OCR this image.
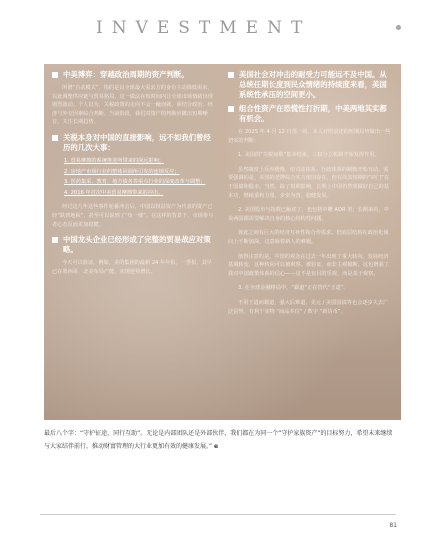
INVESTMENT
中美博弈：穿越政治周期的资产判断。

所谓“自杀模式”，指的是以全球最大需求方的身份主动降低需求，以此调整供应链与贸易格局。这一做法在短时间内让全球市场情绪出现剧烈波动。个人以为，关税政策的走向不会一蹴而就，须结合政治、经济与外交因素综合判断。当前阶段，我们对资产的判断应跳出短期噪音，关注长期趋势。

关税本身对中国的直接影响，远不如我们曾经历的几次大事：
1. 贸易摩擦的系统推进所带来的深远影响；
2. 房地产市场行业的整体回调所引发的连锁反应；
3. 医药集采、教育、地方债务等重点行业的深度改革与调整；
4. 2016 年首次中美贸易摩擦带来的冲击。

经过这几年这些事件轮番冲击后，中国以权益资产为代表的资产已经“跌到地板”，甚至可以说到了“负一楼”。在这样的背景下，市场参与者心态反而更加稳健。

中国龙头企业已经形成了完整的贸易战应对策略。

今天可以验证，例如，美的集团的最新 24 年年报，一季报，其早已在墨西哥、北美布局产能，实现逆势增长。

美国社会对冲击的耐受力可能远不及中国。从总统任期长度到民众情绪的持续度来看，美国系统性承压的空间更小。
组合性资产在恐慌性打折期，中美两地其实都有机会。

在 2025 年 4 月 12 日那一周，本人对照前述的短期局势做出一些切实的判断：

1. 美国的“关税间歇”基本结束，三权分立机制开始发挥作用。

虽然制度上反应缓慢，但司法体系、行政体系的制衡开始互动。需要强调的是，美国的老牌综合实力依旧存在，但在次其短期的“冲门”在于国债和股市。当然，除了短期影响，长期上中国仍然要做好自己的基本功，继续重构力量，步步为营，稳健发展。

2. 美国股市与指数已触底了，也包括中概 ADR 类；长期来看，中美两国都需要解决自身的核心结构性问题。

彼此之间有巨大的经济互补性和合作需求。但底层结构在政治化倾向上不断加深，这意味着新人的难题。

值得注意的是，中国的观念在过去一年出现了重大转向。发展经济基调转变，这种转向可以被观察。被验证，而非主观臆断。这也增强了我对中国政策体系的信心——这不是盲目的乐观，而是基于观察。

3. 在全球金融格局中，“霸道”正在替代“王道”。

不用王道而霸道，强大后难道，美元 / 美国国债等也会逐步失去广泛信誉。有利于实物 “商品本位” / 数字 “新货币”。

最后八个字：“守护征途，同行互助”。无论是内部团队还是外部伙伴，我们都在为同一个“守护家族资产”的目标努力，希望未来继续与大家结伴前行，推动财富管理的大行业更加有效的健康发展。” e
81
